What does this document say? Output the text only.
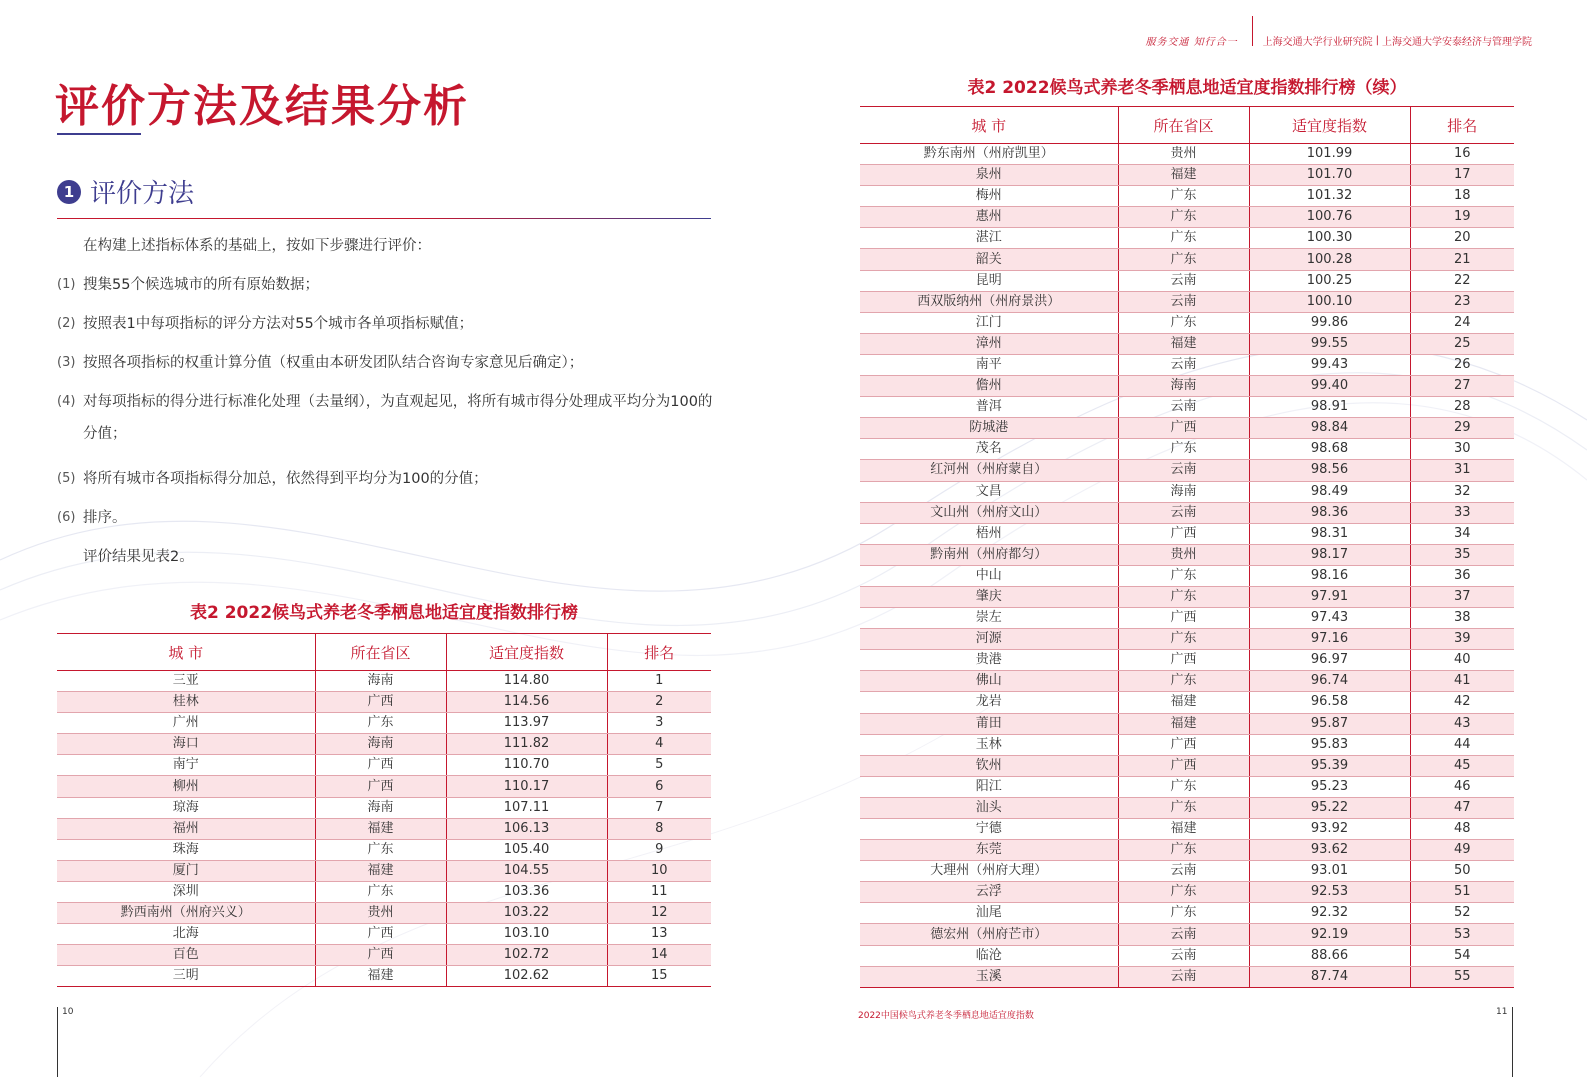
评价方法及结果分析
1 评价方法

在构建上述指标体系的基础上，按如下步骤进行评价：

(1) 搜集55个候选城市的所有原始数据；
(2) 按照表1中每项指标的评分方法对55个城市各单项指标赋值；
(3) 按照各项指标的权重计算分值（权重由本研发团队结合咨询专家意见后确定）；
(4) 对每项指标的得分进行标准化处理（去量纲），为直观起见，将所有城市得分处理成平均分为100的分值；
(5) 将所有城市各项指标得分加总，依然得到平均分为100的分值；
(6) 排序。

评价结果见表2。

表2 2022候鸟式养老冬季栖息地适宜度指数排行榜

城 市	所在省区	适宜度指数	排名
三亚	海南	114.80	1
桂林	广西	114.56	2
广州	广东	113.97	3
海口	海南	111.82	4
南宁	广西	110.70	5
柳州	广西	110.17	6
琼海	海南	107.11	7
福州	福建	106.13	8
珠海	广东	105.40	9
厦门	福建	104.55	10
深圳	广东	103.36	11
黔西南州（州府兴义）	贵州	103.22	12
北海	广西	103.10	13
百色	广西	102.72	14
三明	福建	102.62	15
10
服务交通 知行合一	上海交通大学行业研究院 | 上海交通大学安泰经济与管理学院

表2 2022候鸟式养老冬季栖息地适宜度指数排行榜（续）

城 市	所在省区	适宜度指数	排名
黔东南州（州府凯里）	贵州	101.99	16
泉州	福建	101.70	17
梅州	广东	101.32	18
惠州	广东	100.76	19
湛江	广东	100.30	20
韶关	广东	100.28	21
昆明	云南	100.25	22
西双版纳州（州府景洪）	云南	100.10	23
江门	广东	99.86	24
漳州	福建	99.55	25
南平	云南	99.43	26
儋州	海南	99.40	27
普洱	云南	98.91	28
防城港	广西	98.84	29
茂名	广东	98.68	30
红河州（州府蒙自）	云南	98.56	31
文昌	海南	98.49	32
文山州（州府文山）	云南	98.36	33
梧州	广西	98.31	34
黔南州（州府都匀）	贵州	98.17	35
中山	广东	98.16	36
肇庆	广东	97.91	37
崇左	广西	97.43	38
河源	广东	97.16	39
贵港	广西	96.97	40
佛山	广东	96.74	41
龙岩	福建	96.58	42
莆田	福建	95.87	43
玉林	广西	95.83	44
钦州	广西	95.39	45
阳江	广东	95.23	46
汕头	广东	95.22	47
宁德	福建	93.92	48
东莞	广东	93.62	49
大理州（州府大理）	云南	93.01	50
云浮	广东	92.53	51
汕尾	广东	92.32	52
德宏州（州府芒市）	云南	92.19	53
临沧	云南	88.66	54
玉溪	云南	87.74	55
2022中国候鸟式养老冬季栖息地适宜度指数	11
